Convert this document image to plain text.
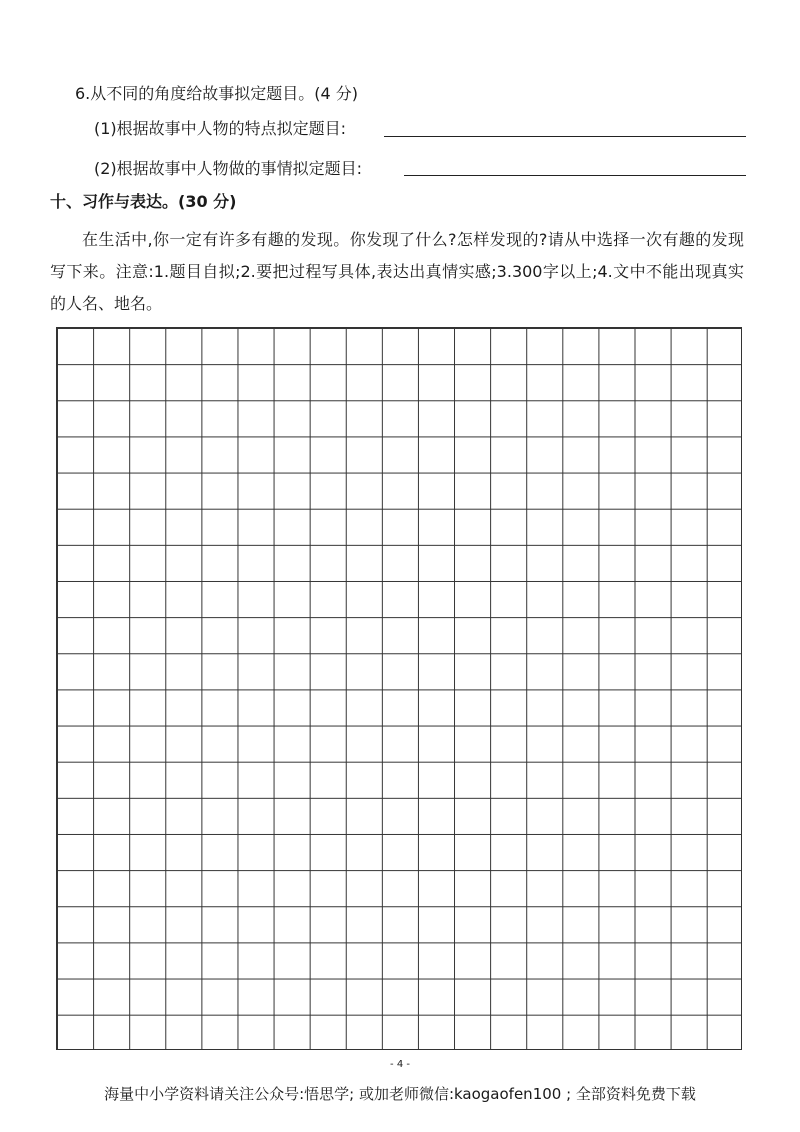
6.从不同的角度给故事拟定题目。(4 分)
(1)根据故事中人物的特点拟定题目:
(2)根据故事中人物做的事情拟定题目:
十、习作与表达。(30 分)
在生活中,你一定有许多有趣的发现。你发现了什么?怎样发现的?请从中选择一次有趣的发现写下来。注意:1.题目自拟;2.要把过程写具体,表达出真情实感;3.300字以上;4.文中不能出现真实的人名、地名。
- 4 -
海量中小学资料请关注公众号:悟思学; 或加老师微信:kaogaofen100 ; 全部资料免费下载
